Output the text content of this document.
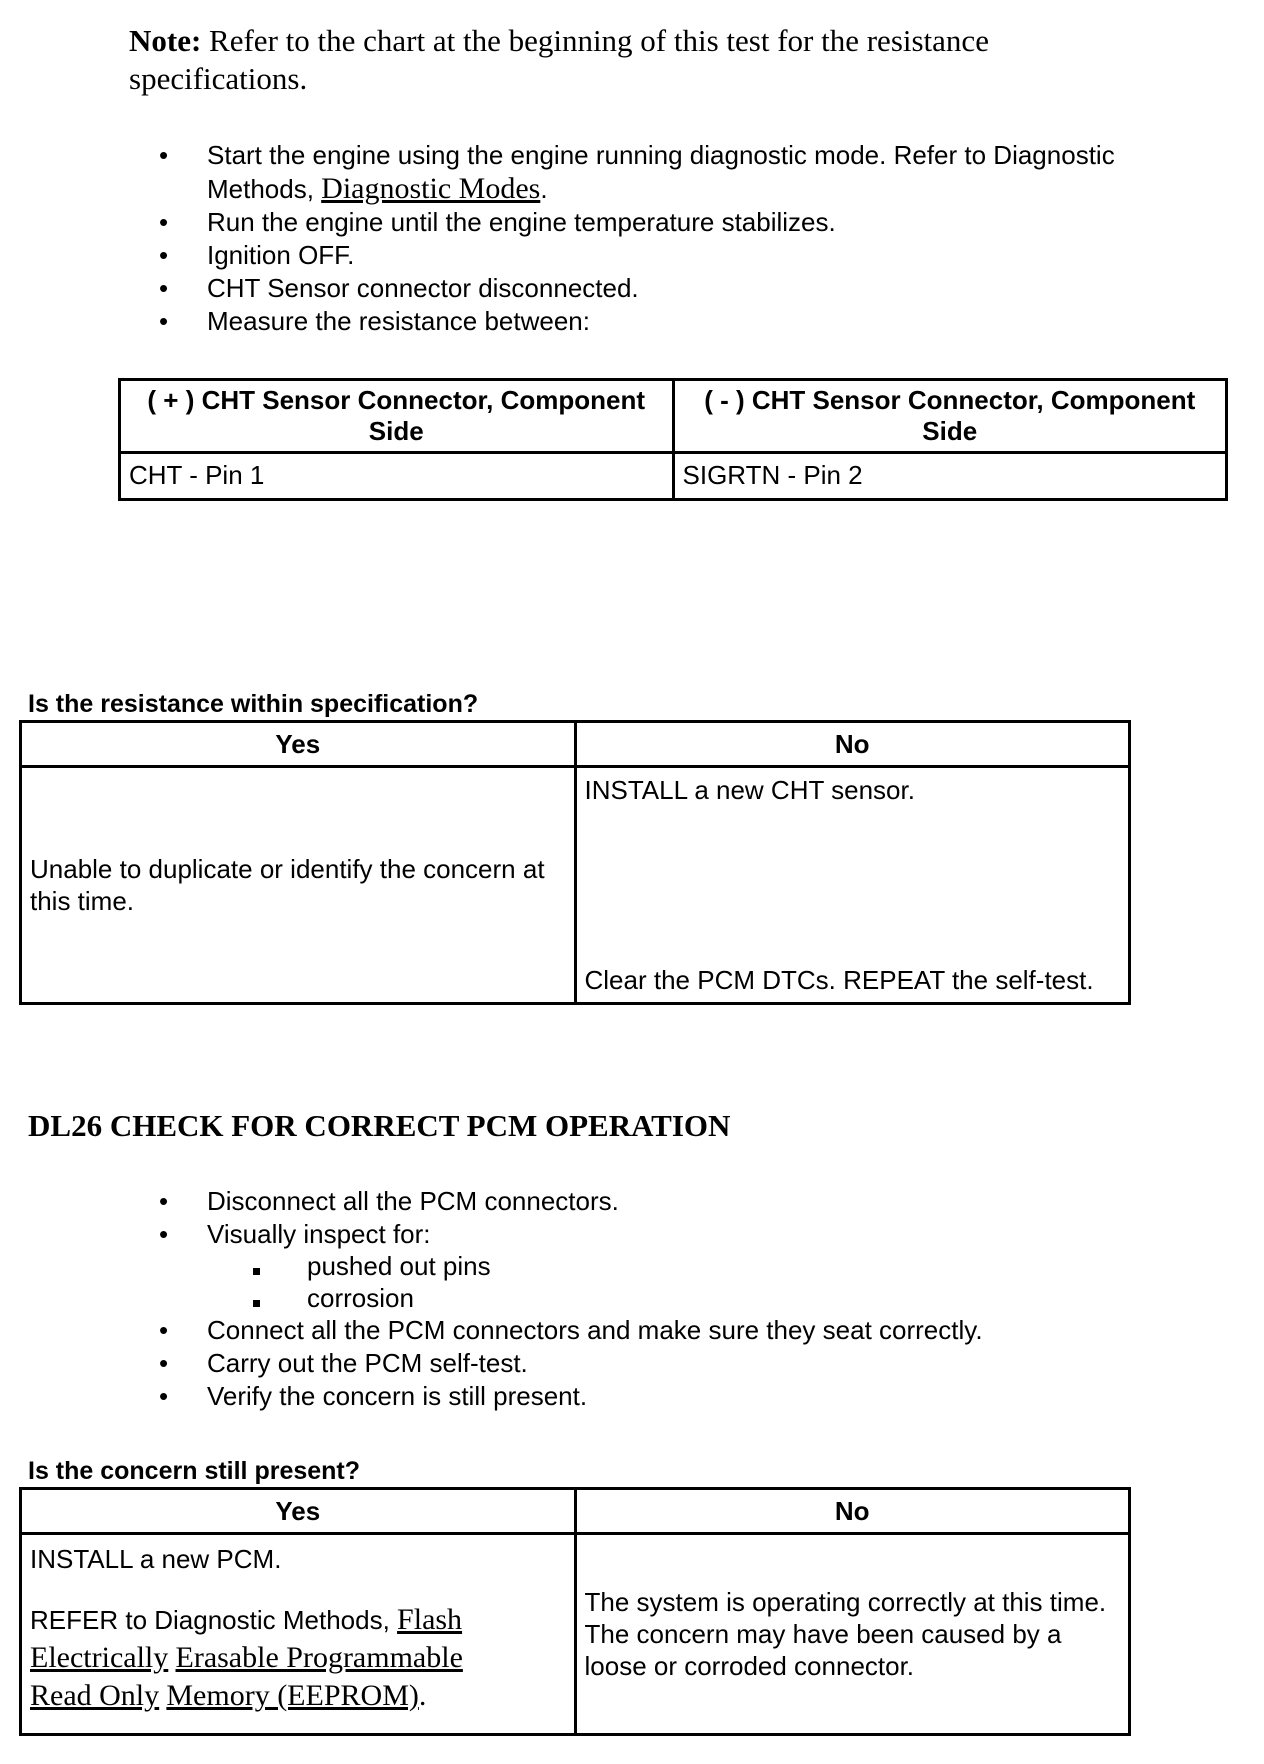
Note: Refer to the chart at the beginning of this test for the resistance specifications.
•
Start the engine using the engine running diagnostic mode. Refer to Diagnostic Methods, Diagnostic Modes.
•
Run the engine until the engine temperature stabilizes.
•
Ignition OFF.
•
CHT Sensor connector disconnected.
•
Measure the resistance between:
( + ) CHT Sensor Connector, Component Side	( - ) CHT Sensor Connector, Component Side
CHT - Pin 1	SIGRTN - Pin 2
Is the resistance within specification?
Yes	No
Unable to duplicate or identify the concern at this time.	INSTALL a new CHT sensor.
Clear the PCM DTCs. REPEAT the self-test.
DL26 CHECK FOR CORRECT PCM OPERATION
•
Disconnect all the PCM connectors.
•
Visually inspect for:
pushed out pins
corrosion
•
Connect all the PCM connectors and make sure they seat correctly.
•
Carry out the PCM self-test.
•
Verify the concern is still present.
Is the concern still present?
Yes	No

INSTALL a new PCM.
REFER to Diagnostic Methods, Flash
Electrically Erasable Programmable
Read Only Memory (EEPROM).	The system is operating correctly at this time. The concern may have been caused by a loose or corroded connector.
